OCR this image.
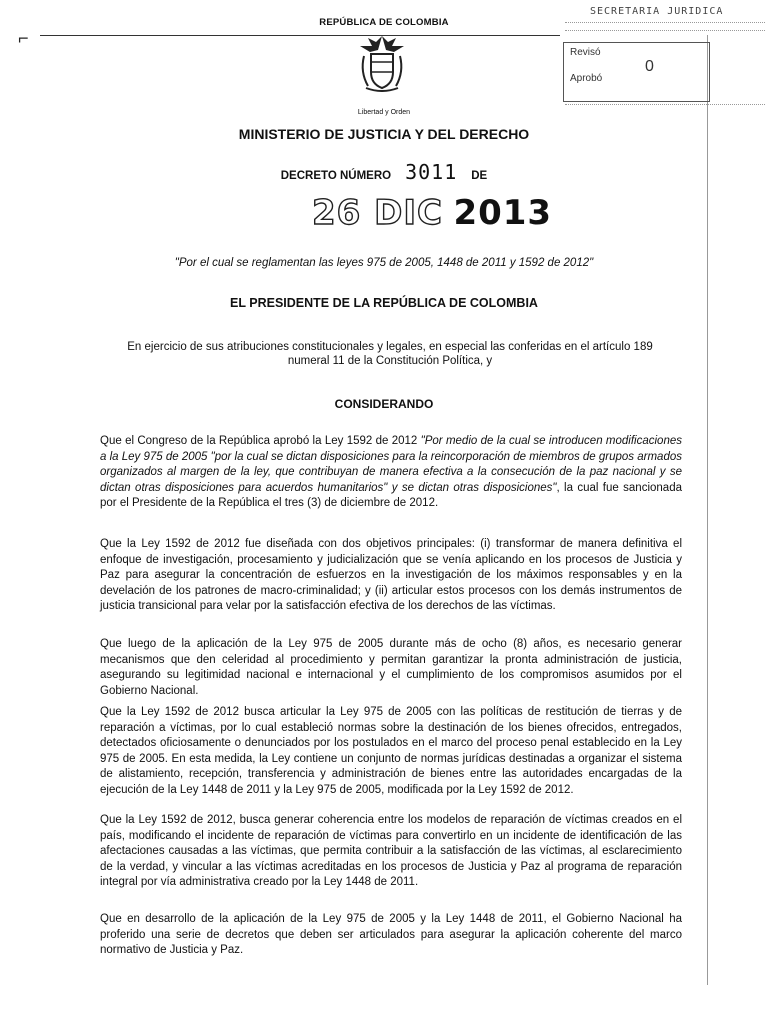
⌐
SECRETARIA JURIDICA
Revisó
Aprobó
0
REPÚBLICA DE COLOMBIA
Libertad y Orden
MINISTERIO DE JUSTICIA Y DEL DERECHO
DECRETO NÚMERO 3011 DE
26 DIC 2013
"Por el cual se reglamentan las leyes 975 de 2005, 1448 de 2011 y 1592 de 2012"
EL PRESIDENTE DE LA REPÚBLICA DE COLOMBIA
En ejercicio de sus atribuciones constitucionales y legales, en especial las conferidas en el artículo 189 numeral 11 de la Constitución Política, y
CONSIDERANDO
Que el Congreso de la República aprobó la Ley 1592 de 2012 "Por medio de la cual se introducen modificaciones a la Ley 975 de 2005 "por la cual se dictan disposiciones para la reincorporación de miembros de grupos armados organizados al margen de la ley, que contribuyan de manera efectiva a la consecución de la paz nacional y se dictan otras disposiciones para acuerdos humanitarios" y se dictan otras disposiciones", la cual fue sancionada por el Presidente de la República el tres (3) de diciembre de 2012.
Que la Ley 1592 de 2012 fue diseñada con dos objetivos principales: (i) transformar de manera definitiva el enfoque de investigación, procesamiento y judicialización que se venía aplicando en los procesos de Justicia y Paz para asegurar la concentración de esfuerzos en la investigación de los máximos responsables y en la develación de los patrones de macro-criminalidad; y (ii) articular estos procesos con los demás instrumentos de justicia transicional para velar por la satisfacción efectiva de los derechos de las víctimas.
Que luego de la aplicación de la Ley 975 de 2005 durante más de ocho (8) años, es necesario generar mecanismos que den celeridad al procedimiento y permitan garantizar la pronta administración de justicia, asegurando su legitimidad nacional e internacional y el cumplimiento de los compromisos asumidos por el Gobierno Nacional.
Que la Ley 1592 de 2012 busca articular la Ley 975 de 2005 con las políticas de restitución de tierras y de reparación a víctimas, por lo cual estableció normas sobre la destinación de los bienes ofrecidos, entregados, detectados oficiosamente o denunciados por los postulados en el marco del proceso penal establecido en la Ley 975 de 2005. En esta medida, la Ley contiene un conjunto de normas jurídicas destinadas a organizar el sistema de alistamiento, recepción, transferencia y administración de bienes entre las autoridades encargadas de la ejecución de la Ley 1448 de 2011 y la Ley 975 de 2005, modificada por la Ley 1592 de 2012.
Que la Ley 1592 de 2012, busca generar coherencia entre los modelos de reparación de víctimas creados en el país, modificando el incidente de reparación de víctimas para convertirlo en un incidente de identificación de las afectaciones causadas a las víctimas, que permita contribuir a la satisfacción de las víctimas, al esclarecimiento de la verdad, y vincular a las víctimas acreditadas en los procesos de Justicia y Paz al programa de reparación integral por vía administrativa creado por la Ley 1448 de 2011.
Que en desarrollo de la aplicación de la Ley 975 de 2005 y la Ley 1448 de 2011, el Gobierno Nacional ha proferido una serie de decretos que deben ser articulados para asegurar la aplicación coherente del marco normativo de Justicia y Paz.
